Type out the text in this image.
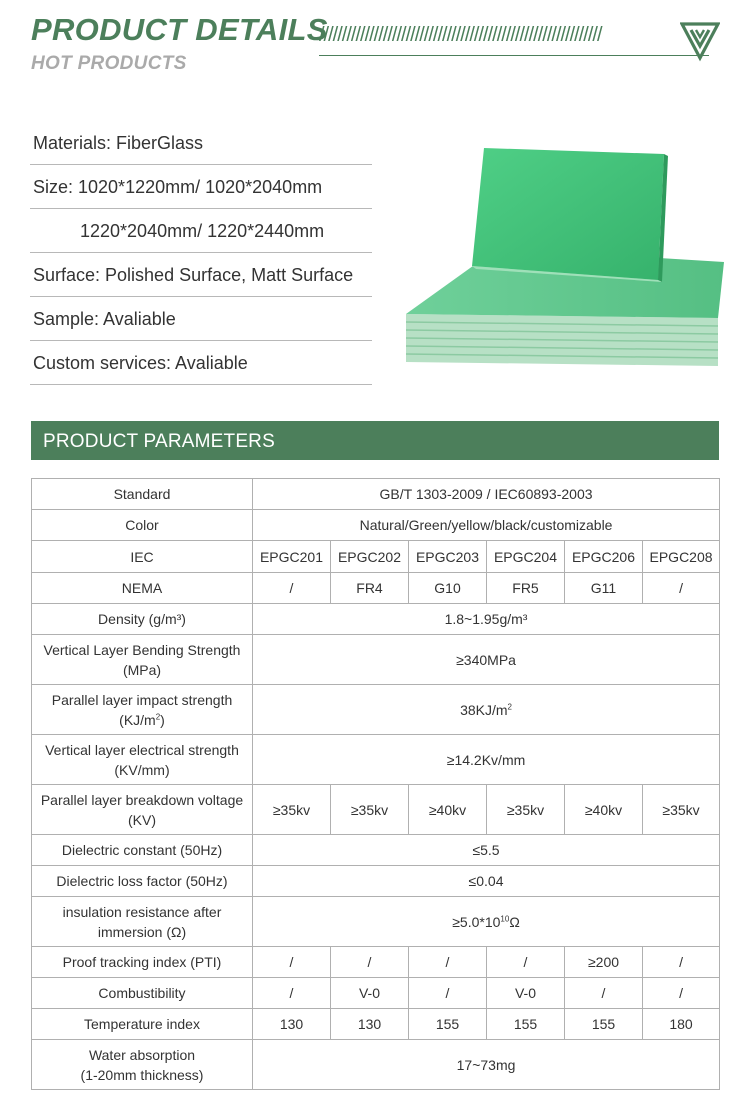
PRODUCT DETAILS
//////////////////////////////////////////////////////////////
HOT PRODUCTS
Materials: FiberGlass
Size: 1020*1220mm/ 1020*2040mm
1220*2040mm/ 1220*2440mm
Surface: Polished Surface, Matt Surface
Sample: Avaliable
Custom services: Avaliable
PRODUCT PARAMETERS
Standard	GB/T 1303-2009 / IEC60893-2003					
Color	Natural/Green/yellow/black/customizable					
IEC	EPGC201	EPGC202	EPGC203	EPGC204	EPGC206	EPGC208
NEMA	/	FR4	G10	FR5	G11	/
Density (g/m³)	1.8~1.95g/m³					
Vertical Layer Bending Strength
(MPa)	≥340MPa					
Parallel layer impact strength
$(KJ/m^2)$	$38KJ/m^2$
Vertical layer electrical strength
(KV/mm)	≥14.2Kv/mm					
Parallel layer breakdown voltage
(KV)	≥35kv	≥35kv	≥40kv	≥35kv	≥40kv	≥35kv
Dielectric constant (50Hz)	≤5.5					
Dielectric loss factor (50Hz)	≤0.04					
insulation resistance after
immersion (Ω)	$\ge 5.0*10^{10}\Omega$					
Proof tracking index (PTI)	/	/	/	/	≥200	/
Combustibility	/	V-0	/	V-0	/	/
Temperature index	130	130	155	155	155	180
Water absorption
(1-20mm thickness)	17~73mg					
